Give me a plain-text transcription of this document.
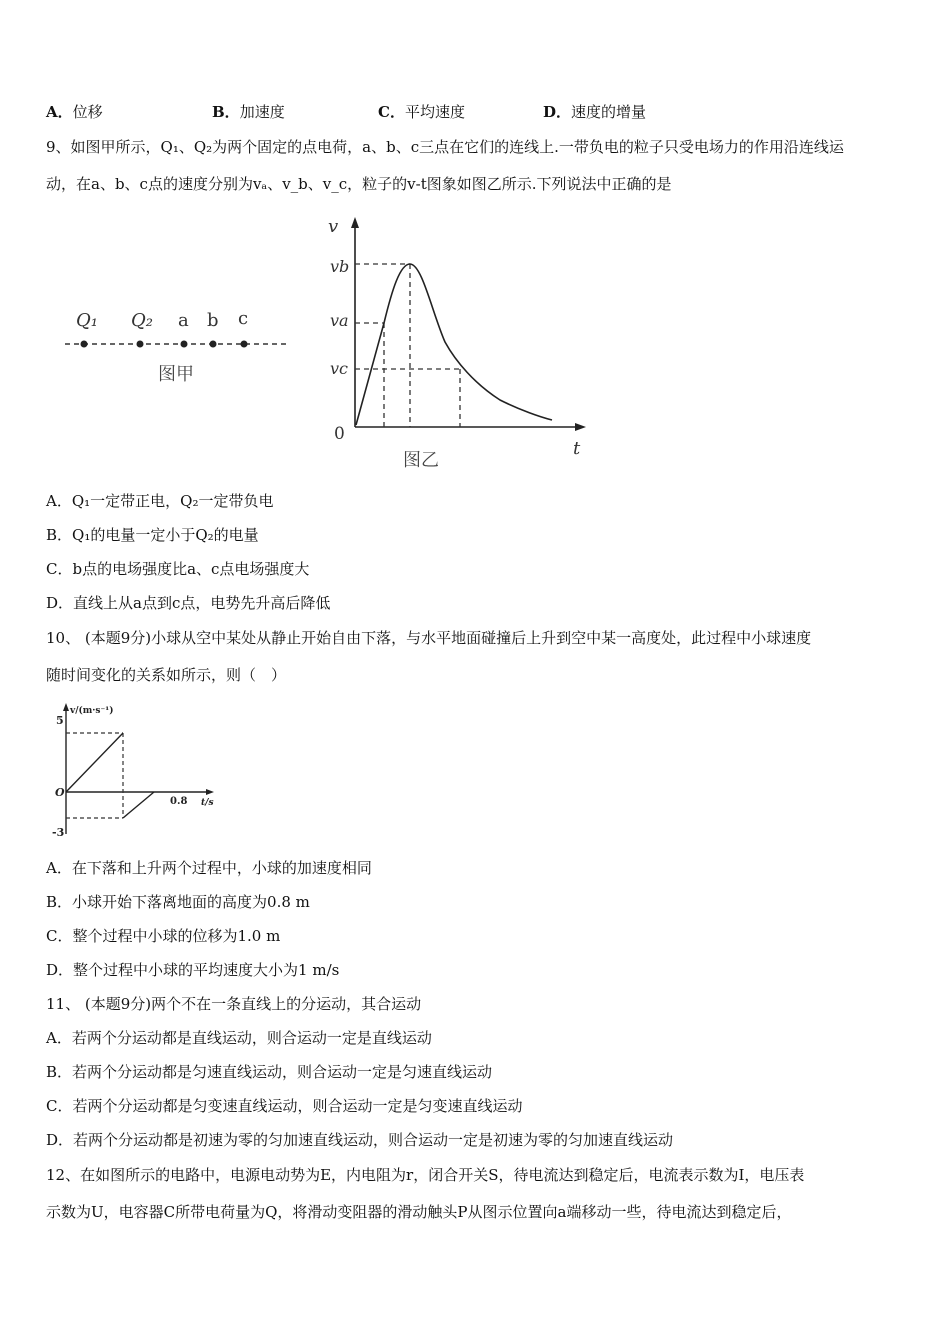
A．位移	B．加速度	C．平均速度	D．速度的增量
9、如图甲所示，Q₁、Q₂为两个固定的点电荷，a、b、c三点在它们的连线上.一带负电的粒子只受电场力的作用沿连线运
动，在a、b、c点的速度分别为vₐ、v_b、v_c，粒子的v-t图象如图乙所示.下列说法中正确的是
Q₁ Q₂ a b c
图甲
v
t
0
vb
va
vc
图乙
A．Q₁一定带正电，Q₂一定带负电
B．Q₁的电量一定小于Q₂的电量
C．b点的电场强度比a、c点电场强度大
D．直线上从a点到c点，电势先升高后降低
10、 (本题9分)小球从空中某处从静止开始自由下落，与水平地面碰撞后上升到空中某一高度处，此过程中小球速度
随时间变化的关系如所示，则（　）
v/(m·s⁻¹)
t/s
5
-3
O
0.8
A．在下落和上升两个过程中，小球的加速度相同
B．小球开始下落离地面的高度为0.8 m
C．整个过程中小球的位移为1.0 m
D．整个过程中小球的平均速度大小为1 m/s
11、 (本题9分)两个不在一条直线上的分运动，其合运动
A．若两个分运动都是直线运动，则合运动一定是直线运动
B．若两个分运动都是匀速直线运动，则合运动一定是匀速直线运动
C．若两个分运动都是匀变速直线运动，则合运动一定是匀变速直线运动
D．若两个分运动都是初速为零的匀加速直线运动，则合运动一定是初速为零的匀加速直线运动
12、在如图所示的电路中，电源电动势为E，内电阻为r，闭合开关S，待电流达到稳定后，电流表示数为I，电压表
示数为U，电容器C所带电荷量为Q，将滑动变阻器的滑动触头P从图示位置向a端移动一些，待电流达到稳定后，
